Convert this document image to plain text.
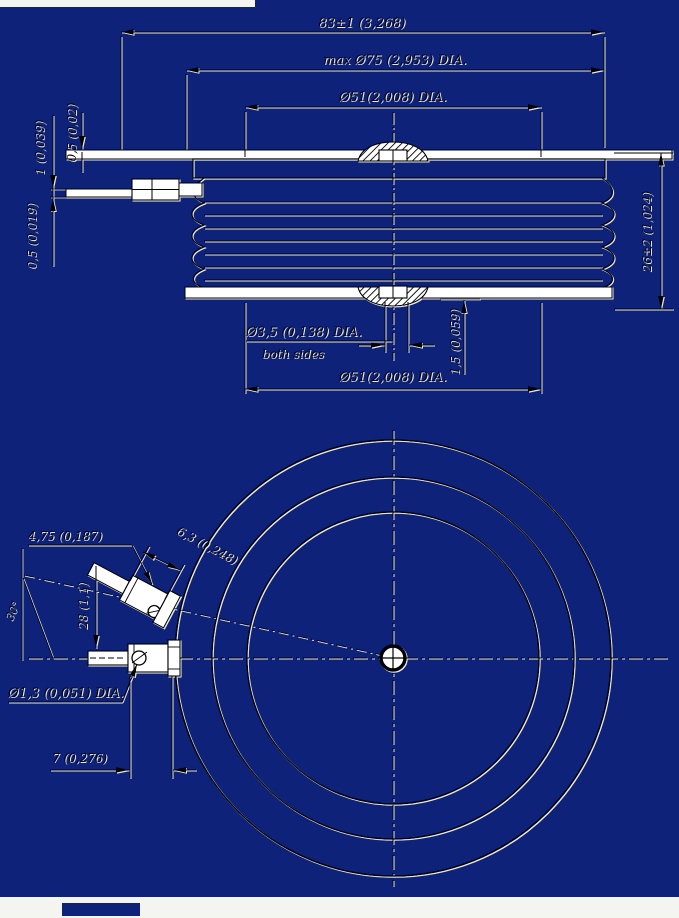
83±1 (3,268)
max Ø75 (2,953) DIA.
Ø51(2,008) DIA.
0,5 (0,02)
1 (0,039)
0,5 (0,019)	26±2 (1,024)
Ø3,5 (0,138) DIA.
both sides	1,5 (0,059)
Ø51(2,008) DIA.
4,75 (0,187)	6,3 (0,248)
28 (1,1)
30°
Ø1,3 (0,051) DIA.
7 (0,276)
